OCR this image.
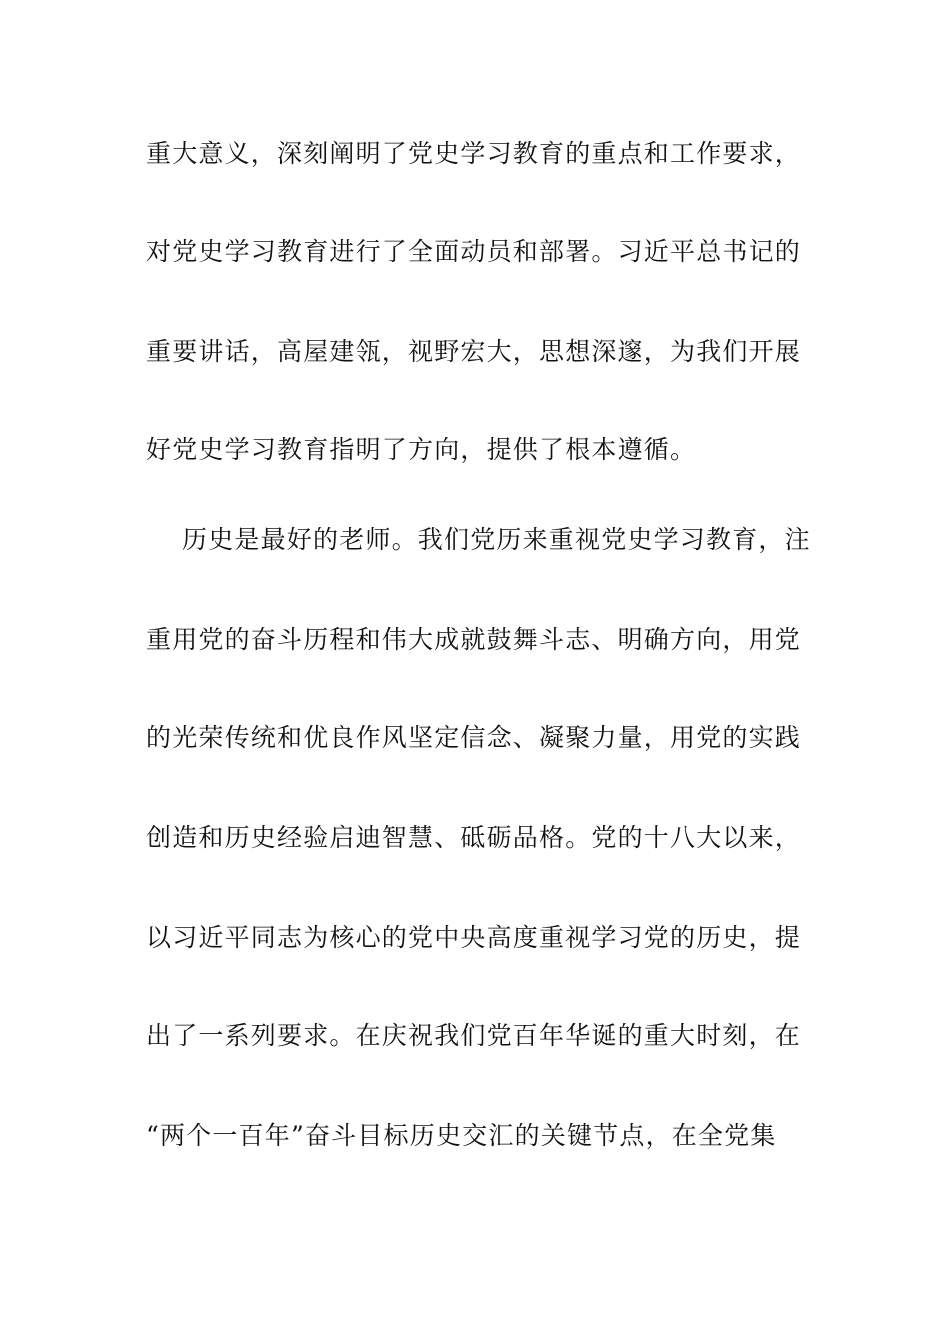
重大意义，深刻阐明了党史学习教育的重点和工作要求，
对党史学习教育进行了全面动员和部署。习近平总书记的
重要讲话，高屋建瓴，视野宏大，思想深邃，为我们开展
好党史学习教育指明了方向，提供了根本遵循。
历史是最好的老师。我们党历来重视党史学习教育，注
重用党的奋斗历程和伟大成就鼓舞斗志、明确方向，用党
的光荣传统和优良作风坚定信念、凝聚力量，用党的实践
创造和历史经验启迪智慧、砥砺品格。党的十八大以来，
以习近平同志为核心的党中央高度重视学习党的历史，提
出了一系列要求。在庆祝我们党百年华诞的重大时刻，在
“两个一百年”奋斗目标历史交汇的关键节点，在全党集
